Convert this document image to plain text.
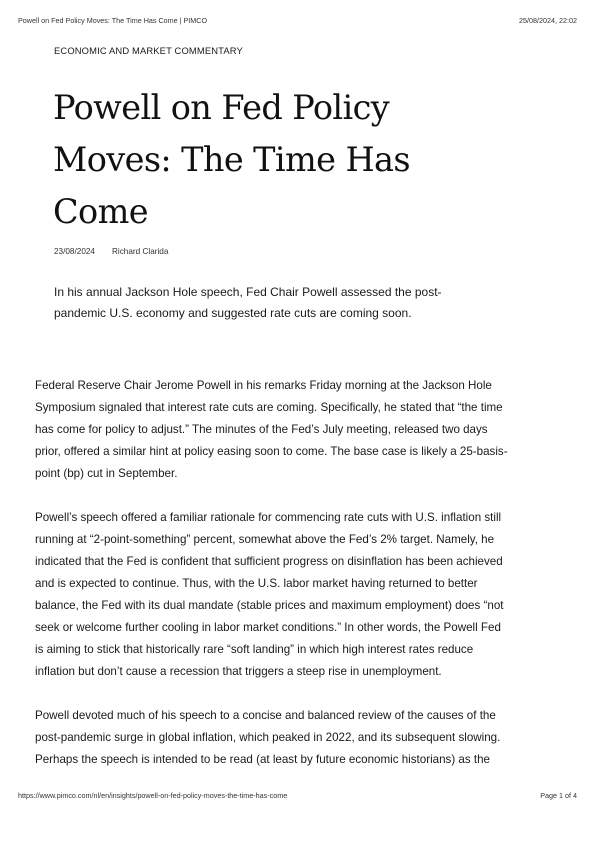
Powell on Fed Policy Moves: The Time Has Come | PIMCO	25/08/2024, 22:02
ECONOMIC AND MARKET COMMENTARY
Powell on Fed Policy
Moves: The Time Has
Come
23/08/2024 Richard Clarida

In his annual Jackson Hole speech, Fed Chair Powell assessed the post-
pandemic U.S. economy and suggested rate cuts are coming soon.

Federal Reserve Chair Jerome Powell in his remarks Friday morning at the Jackson Hole
Symposium signaled that interest rate cuts are coming. Specifically, he stated that “the time
has come for policy to adjust.” The minutes of the Fed’s July meeting, released two days
prior, offered a similar hint at policy easing soon to come. The base case is likely a 25-basis-
point (bp) cut in September.

Powell’s speech offered a familiar rationale for commencing rate cuts with U.S. inflation still
running at “2-point-something” percent, somewhat above the Fed’s 2% target. Namely, he
indicated that the Fed is confident that sufficient progress on disinflation has been achieved
and is expected to continue. Thus, with the U.S. labor market having returned to better
balance, the Fed with its dual mandate (stable prices and maximum employment) does “not
seek or welcome further cooling in labor market conditions.” In other words, the Powell Fed
is aiming to stick that historically rare “soft landing” in which high interest rates reduce
inflation but don’t cause a recession that triggers a steep rise in unemployment.

Powell devoted much of his speech to a concise and balanced review of the causes of the
post-pandemic surge in global inflation, which peaked in 2022, and its subsequent slowing.
Perhaps the speech is intended to be read (at least by future economic historians) as the

https://www.pimco.com/nl/en/insights/powell-on-fed-policy-moves-the-time-has-come	Page 1 of 4
